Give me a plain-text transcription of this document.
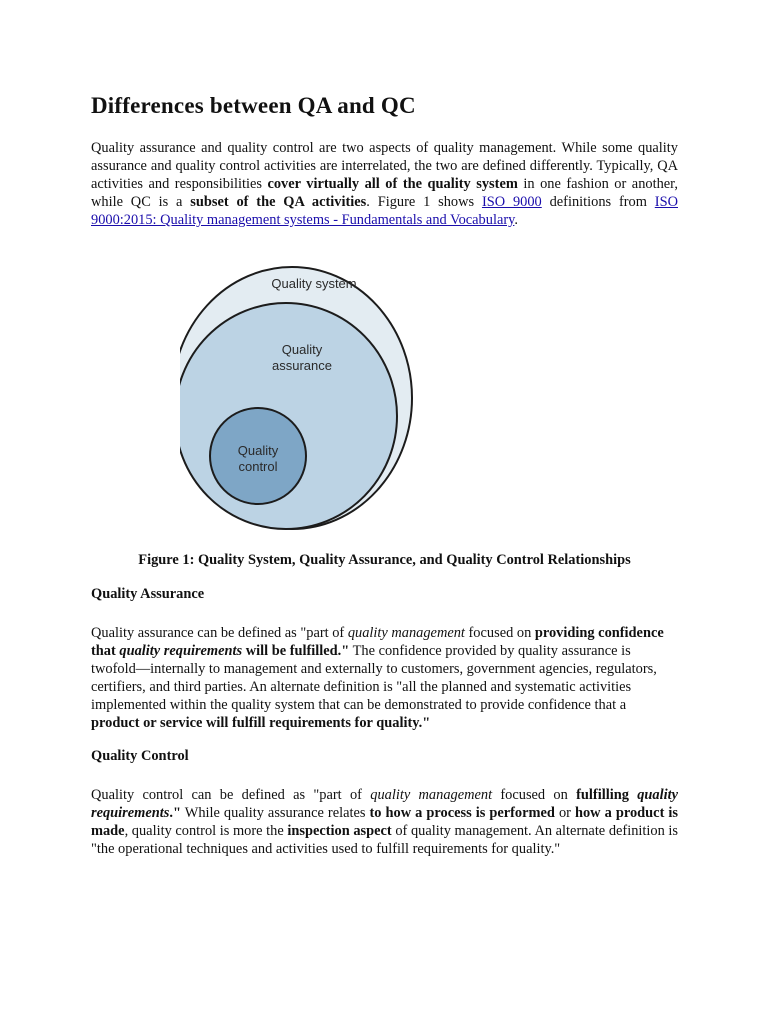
Differences between QA and QC

Quality assurance and quality control are two aspects of quality management. While some quality assurance and quality control activities are interrelated, the two are defined differently. Typically, QA activities and responsibilities cover virtually all of the quality system in one fashion or another, while QC is a subset of the QA activities. Figure 1 shows ISO 9000 definitions from ISO 9000:2015: Quality management systems - Fundamentals and Vocabulary.

Quality system
Quality
assurance
Quality
control

Figure 1: Quality System, Quality Assurance, and Quality Control Relationships

Quality Assurance

Quality assurance can be defined as "part of quality management focused on providing confidence that quality requirements will be fulfilled." The confidence provided by quality assurance is twofold—internally to management and externally to customers, government agencies, regulators, certifiers, and third parties. An alternate definition is "all the planned and systematic activities implemented within the quality system that can be demonstrated to provide confidence that a product or service will fulfill requirements for quality."

Quality Control

Quality control can be defined as "part of quality management focused on fulfilling quality requirements." While quality assurance relates to how a process is performed or how a product is made, quality control is more the inspection aspect of quality management. An alternate definition is "the operational techniques and activities used to fulfill requirements for quality."
